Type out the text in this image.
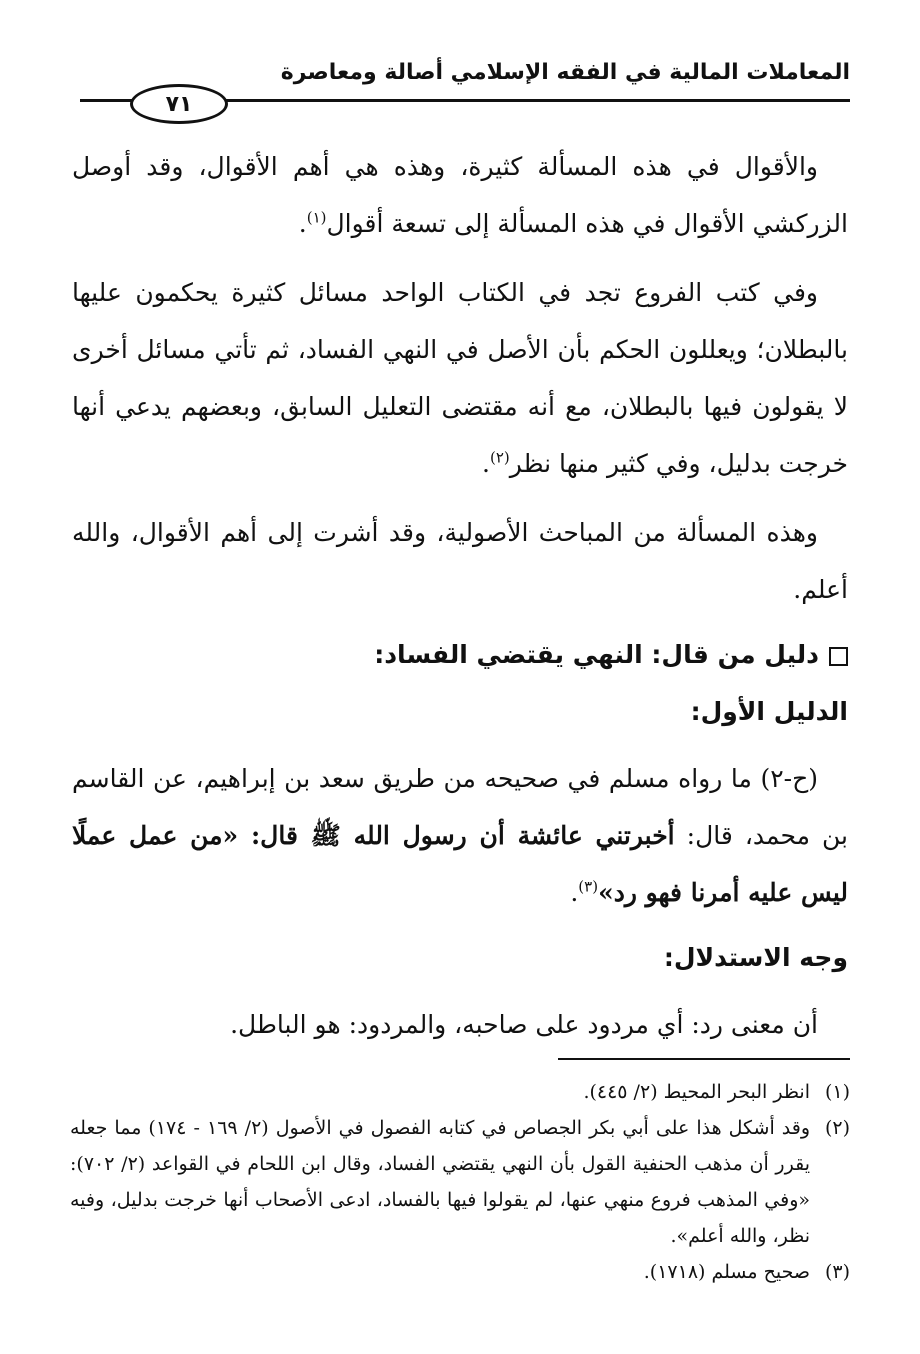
المعاملات المالية في الفقه الإسلامي أصالة ومعاصرة
٧١

والأقوال في هذه المسألة كثيرة، وهذه هي أهم الأقوال، وقد أوصل الزركشي الأقوال في هذه المسألة إلى تسعة أقوال$^{(١)}$.

وفي كتب الفروع تجد في الكتاب الواحد مسائل كثيرة يحكمون عليها بالبطلان؛ ويعللون الحكم بأن الأصل في النهي الفساد، ثم تأتي مسائل أخرى لا يقولون فيها بالبطلان، مع أنه مقتضى التعليل السابق، وبعضهم يدعي أنها خرجت بدليل، وفي كثير منها نظر$^{(٢)}$.

وهذه المسألة من المباحث الأصولية، وقد أشرت إلى أهم الأقوال، والله أعلم.

دليل من قال: النهي يقتضي الفساد:
الدليل الأول:

(ح-٢) ما رواه مسلم في صحيحه من طريق سعد بن إبراهيم، عن القاسم بن محمد، قال: أخبرتني عائشة أن رسول الله ﷺ قال: «من عمل عملًا ليس عليه أمرنا فهو رد»$^{(٣)}$.

وجه الاستدلال:

أن معنى رد: أي مردود على صاحبه، والمردود: هو الباطل.

(١)
انظر البحر المحيط (٢/ ٤٤٥).
(٢)
وقد أشكل هذا على أبي بكر الجصاص في كتابه الفصول في الأصول (٢/ ١٦٩ - ١٧٤) مما جعله يقرر أن مذهب الحنفية القول بأن النهي يقتضي الفساد، وقال ابن اللحام في القواعد (٢/ ٧٠٢): «وفي المذهب فروع منهي عنها، لم يقولوا فيها بالفساد، ادعى الأصحاب أنها خرجت بدليل، وفيه نظر، والله أعلم».
(٣)
صحيح مسلم (١٧١٨).
